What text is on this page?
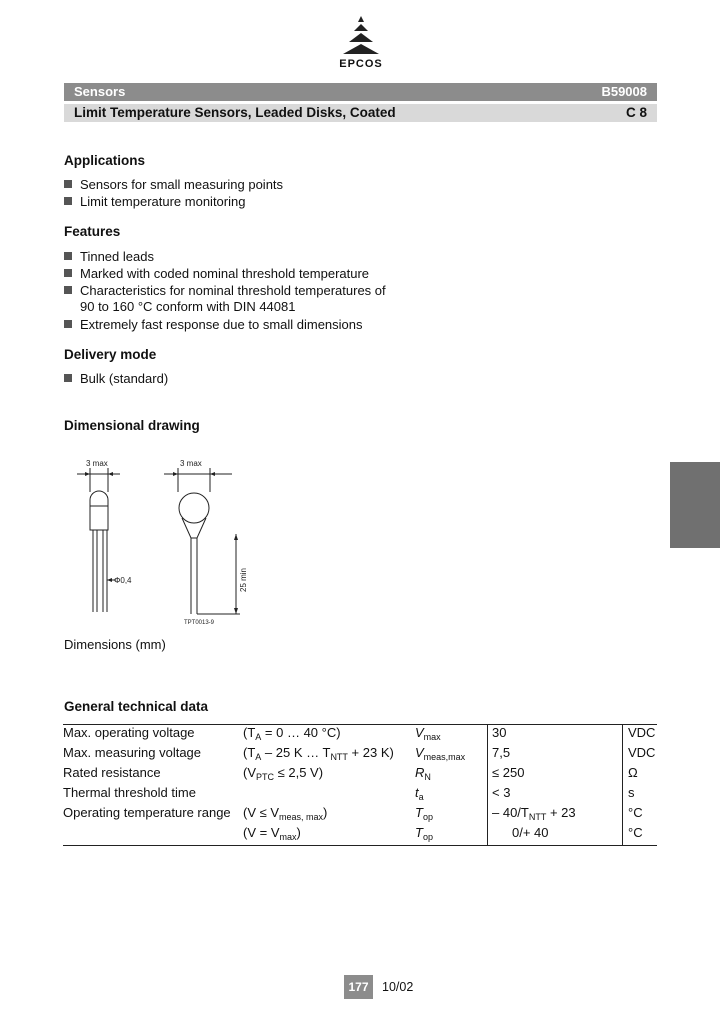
EPCOS
Sensors	B59008
Limit Temperature Sensors, Leaded Disks, Coated	C 8
Applications
Sensors for small measuring points
Limit temperature monitoring
Features
Tinned leads
Marked with coded nominal threshold temperature
Characteristics for nominal threshold temperatures of
90 to 160 °C conform with DIN 44081
Extremely fast response due to small dimensions
Delivery mode
Bulk (standard)
Dimensional drawing
3 max	3 max
Φ0,4	25 min
TPT0013-9
Dimensions (mm)
General technical data
Max. operating voltage	($T_A = 0$ … 40 °C)	$V_{max}$	30	VDC
Max. measuring voltage	($T_A - 25$ K … $T_{NTT} + 23$ K)	$V_{meas,max}$	7,5	VDC
Rated resistance	($V_{PTC} \le 2,5$ V)	$R_N$	≤ 250	Ω
Thermal threshold time		$t_a$	< 3	s
Operating temperature range	$(V \le V_{meas, max})$	$T_{op}$	– $40/T_{NTT} + 23$	°C
	$(V = V_{max})$	$T_{op}$	0/+ 40	°C
177	10/02
